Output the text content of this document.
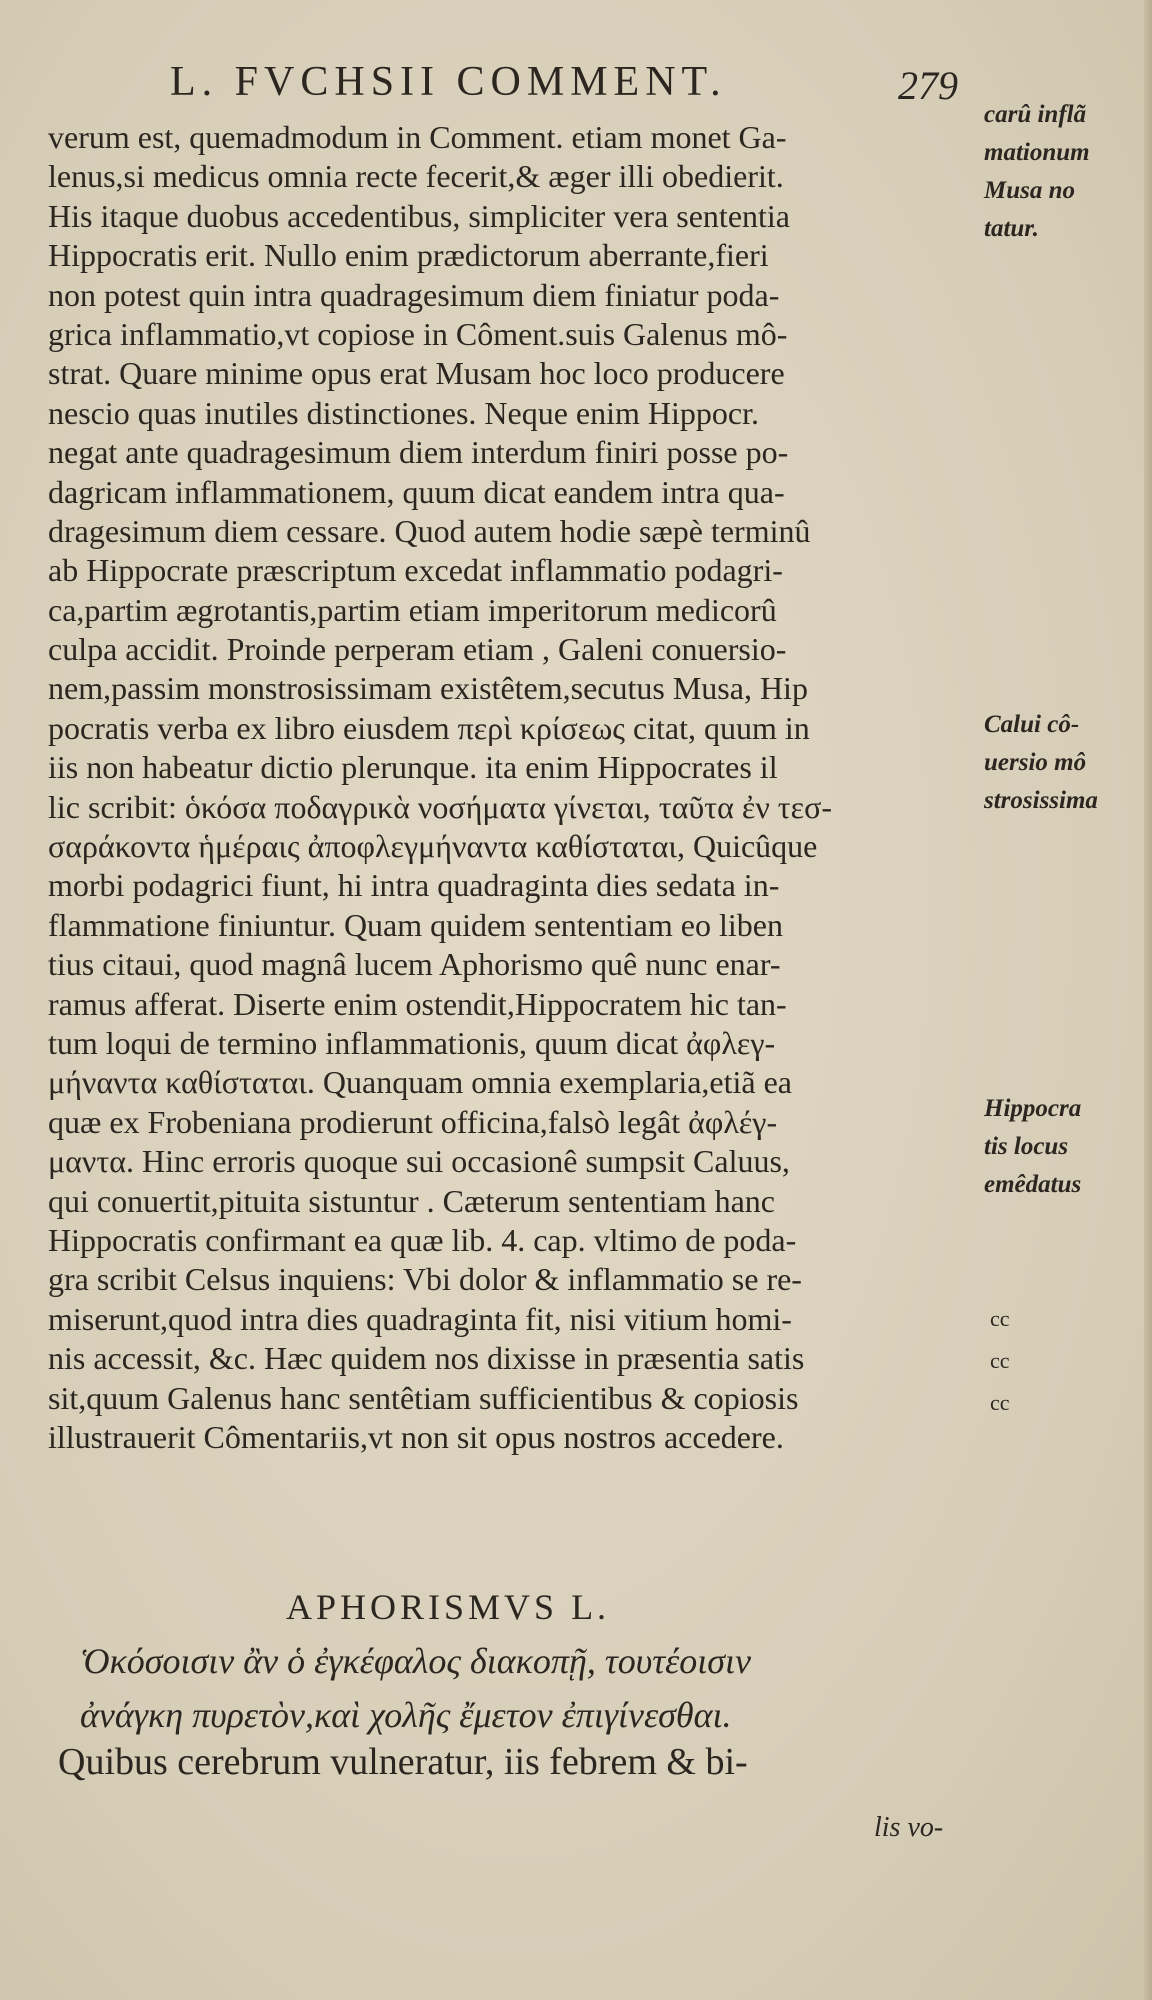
L. FVCHSII COMMENT.	279
verum est, quemadmodum in Comment. etiam monet Ga-
lenus,si medicus omnia recte fecerit,& æger illi obedierit.
His itaque duobus accedentibus, simpliciter vera sententia
Hippocratis erit. Nullo enim prædictorum aberrante,fieri
non potest quin intra quadragesimum diem finiatur poda-
grica inflammatio,vt copiose in Côment.suis Galenus mô-
strat. Quare minime opus erat Musam hoc loco producere
nescio quas inutiles distinctiones. Neque enim Hippocr.
negat ante quadragesimum diem interdum finiri posse po-
dagricam inflammationem, quum dicat eandem intra qua-
dragesimum diem cessare. Quod autem hodie sæpè terminû
ab Hippocrate præscriptum excedat inflammatio podagri-
ca,partim ægrotantis,partim etiam imperitorum medicorû
culpa accidit. Proinde perperam etiam , Galeni conuersio-
nem,passim monstrosissimam existêtem,secutus Musa, Hip
pocratis verba ex libro eiusdem περὶ κρίσεως citat, quum in
iis non habeatur dictio plerunque. ita enim Hippocrates il
lic scribit: ὁκόσα ποδαγρικὰ νοσήματα γίνεται, ταῦτα ἐν τεσ-
σαράκοντα ἡμέραις ἀποφλεγμήναντα καθίσταται, Quicûque
morbi podagrici fiunt, hi intra quadraginta dies sedata in-
flammatione finiuntur. Quam quidem sententiam eo liben
tius citaui, quod magnâ lucem Aphorismo quê nunc enar-
ramus afferat. Diserte enim ostendit,Hippocratem hic tan-
tum loqui de termino inflammationis, quum dicat ἀφλεγ-
μήναντα καθίσταται. Quanquam omnia exemplaria,etiã ea
quæ ex Frobeniana prodierunt officina,falsò legât ἀφλέγ-
μαντα. Hinc erroris quoque sui occasionê sumpsit Caluus,
qui conuertit,pituita sistuntur . Cæterum sententiam hanc
Hippocratis confirmant ea quæ lib. 4. cap. vltimo de poda-
gra scribit Celsus inquiens: Vbi dolor & inflammatio se re-
miserunt,quod intra dies quadraginta fit, nisi vitium homi-
nis accessit, &c. Hæc quidem nos dixisse in præsentia satis
sit,quum Galenus hanc sentêtiam sufficientibus & copiosis
illustrauerit Cômentariis,vt non sit opus nostros accedere.
carû inflã
mationum
Musa no
tatur.
Calui cô-
uersio mô
strosissima
Hippocra
tis locus
emêdatus
cc
cc
cc
APHORISMVS L.
Ὁκόσοισιν ἂν ὁ ἐγκέφαλος διακοπῇ, τουτέοισιν
ἀνάγκη πυρετὸν,καὶ χολῆς ἔμετον ἐπιγίνεσθαι.
Quibus cerebrum vulneratur, iis febrem & bi-
lis vo-
